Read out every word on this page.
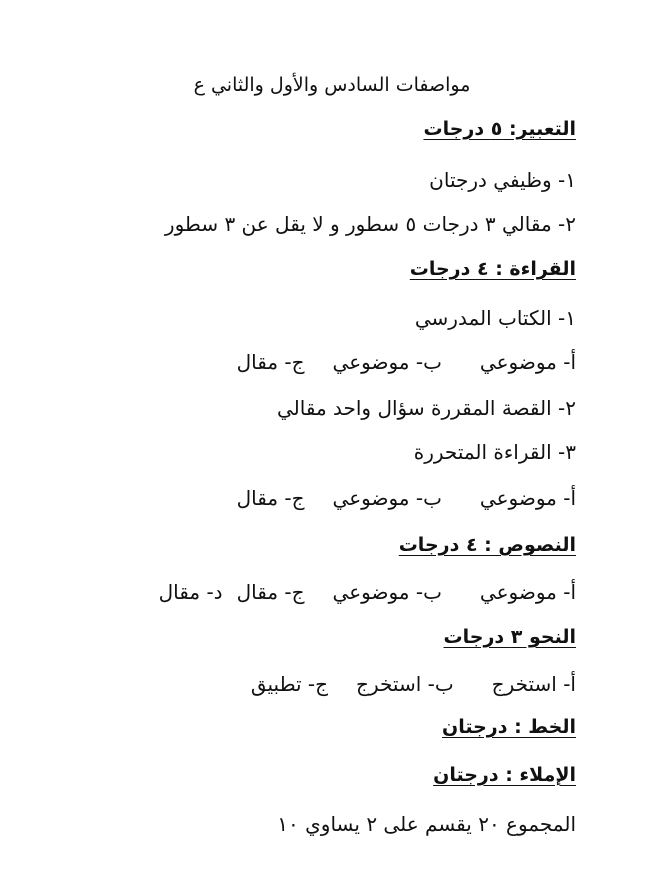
مواصفات السادس والأول والثاني ع
التعبير: ٥ درجات
١- وظيفي درجتان
٢- مقالي ٣ درجات ٥ سطور و لا يقل عن ٣ سطور
القراءة : ٤ درجات
١- الكتاب المدرسي
أ- موضوعيب- موضوعيج- مقال
٢- القصة المقررة سؤال واحد مقالي
٣- القراءة المتحررة
أ- موضوعيب- موضوعيج- مقال
النصوص : ٤ درجات
أ- موضوعيب- موضوعيج- مقالد- مقال
النحو ٣ درجات
أ- استخرجب- استخرجج- تطبيق
الخط : درجتان
الإملاء : درجتان
المجموع ٢٠ يقسم على ٢ يساوي ١٠
